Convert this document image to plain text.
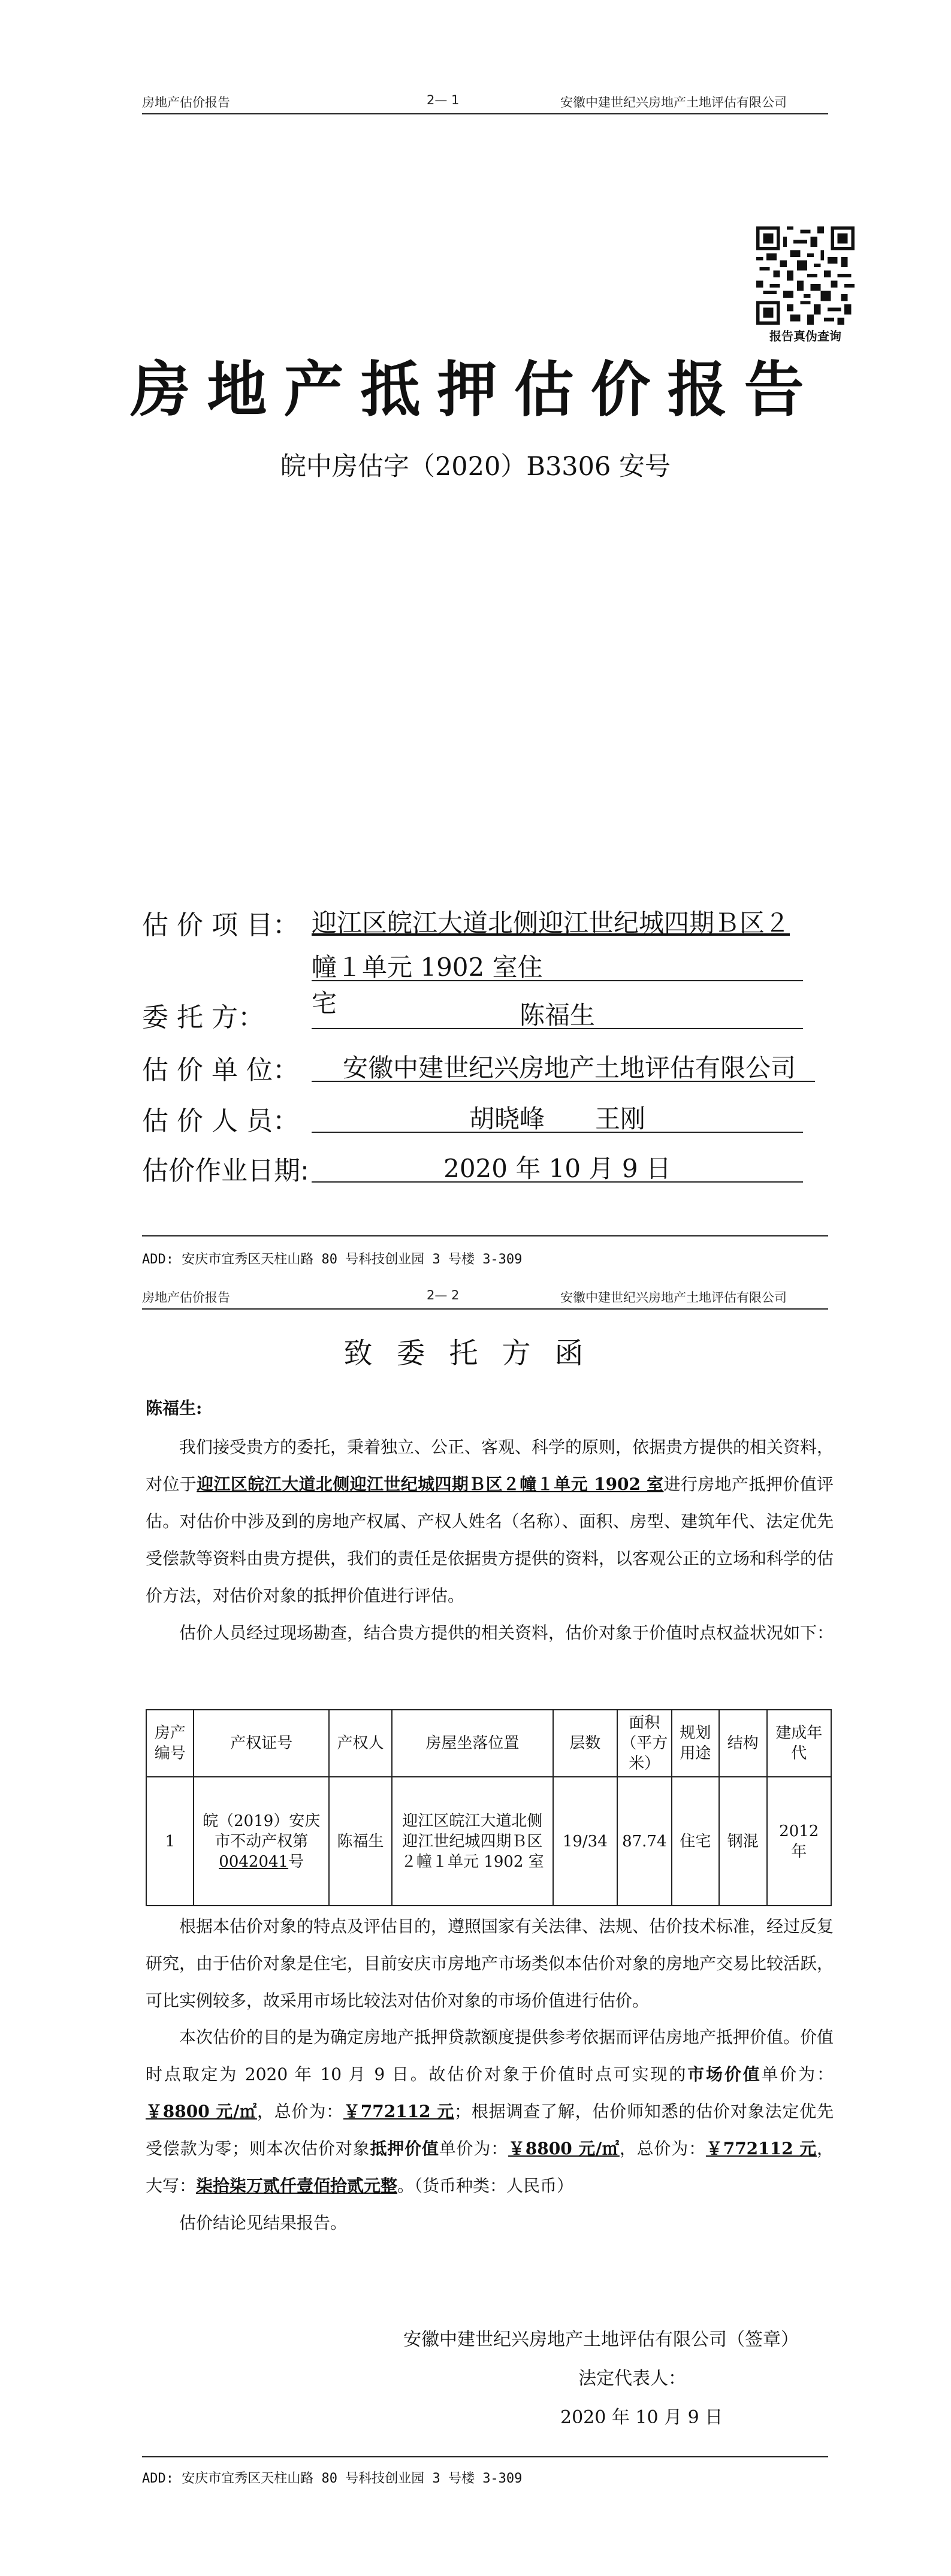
房地产估价报告	2— 1	安徽中建世纪兴房地产土地评估有限公司
报告真伪查询
房地产抵押估价报告
皖中房估字（2020）B3306 安号
估 价 项 目： 迎江区皖江大道北侧迎江世纪城四期Ｂ区２
幢１单元 1902 室住宅
委 托 方：	陈福生
估 价 单 位：	安徽中建世纪兴房地产土地评估有限公司
估 价 人 员：	胡晓峰　　王刚
估价作业日期:	2020 年 10 月 9 日
ADD: 安庆市宜秀区天柱山路 80 号科技创业园 3 号楼 3-309
房地产估价报告	2— 2	安徽中建世纪兴房地产土地评估有限公司
致委托方函
陈福生:
我们接受贵方的委托，秉着独立、公正、客观、科学的原则，依据贵方提供的相关资料，对位于迎江区皖江大道北侧迎江世纪城四期Ｂ区２幢１单元 1902 室进行房地产抵押价值评估。对估价中涉及到的房地产权属、产权人姓名（名称）、面积、房型、建筑年代、法定优先受偿款等资料由贵方提供，我们的责任是依据贵方提供的资料，以客观公正的立场和科学的估价方法，对估价对象的抵押价值进行评估。
估价人员经过现场勘查，结合贵方提供的相关资料，估价对象于价值时点权益状况如下：
房产编号	产权证号	产权人	房屋坐落位置	层数	面积（平方米）	规划用途	结构	建成年代
1	皖（2019）安庆市不动产权第0042041号	陈福生	迎江区皖江大道北侧迎江世纪城四期Ｂ区２幢１单元 1902 室	19/34	87.74	住宅	钢混	2012 年
根据本估价对象的特点及评估目的，遵照国家有关法律、法规、估价技术标准，经过反复研究，由于估价对象是住宅，目前安庆市房地产市场类似本估价对象的房地产交易比较活跃，可比实例较多，故采用市场比较法对估价对象的市场价值进行估价。
本次估价的目的是为确定房地产抵押贷款额度提供参考依据而评估房地产抵押价值。价值时点取定为 2020 年 10 月 9 日。故估价对象于价值时点可实现的市场价值单价为：￥8800 元/㎡，总价为：￥772112 元；根据调查了解，估价师知悉的估价对象法定优先受偿款为零；则本次估价对象抵押价值单价为：￥8800 元/㎡，总价为：￥772112 元，大写：柒拾柒万贰仟壹佰拾贰元整。（货币种类：人民币）
估价结论见结果报告。
安徽中建世纪兴房地产土地评估有限公司（签章）
法定代表人：
2020 年 10 月 9 日
ADD: 安庆市宜秀区天柱山路 80 号科技创业园 3 号楼 3-309
